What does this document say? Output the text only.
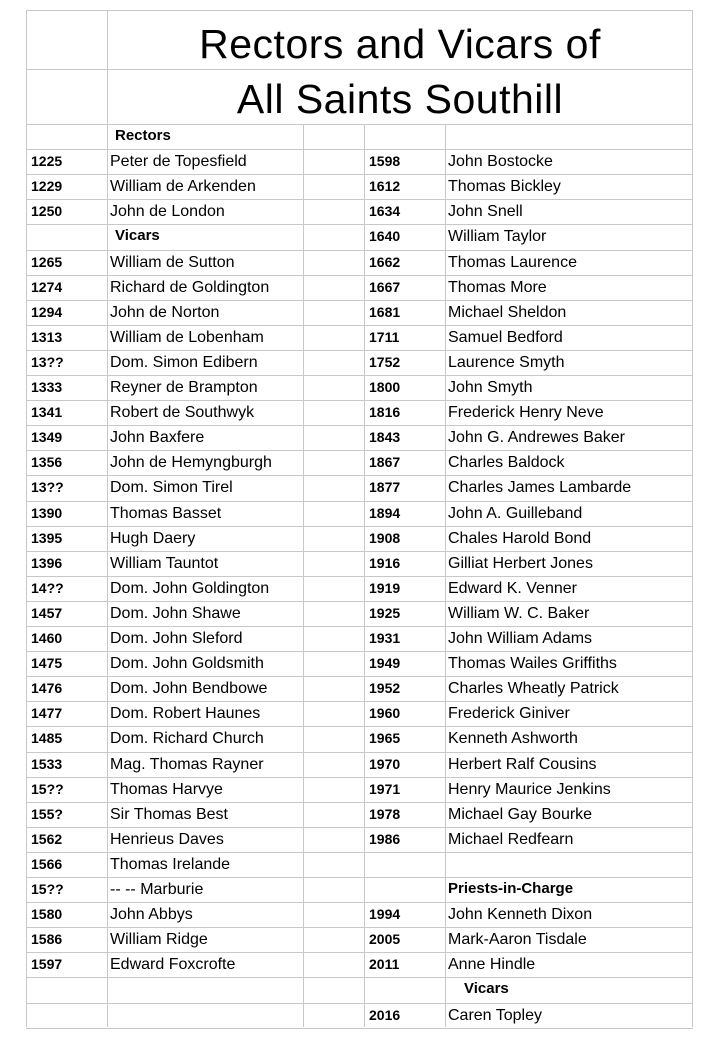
Rectors and Vicars of
All Saints Southill
Rectors
1225	Peter de Topesfield
1229	William de Arkenden
1250	John de London
Vicars
1265	William de Sutton
1274	Richard de Goldington
1294	John de Norton
1313	William de Lobenham
13??	Dom. Simon Edibern
1333	Reyner de Brampton
1341	Robert de Southwyk
1349	John Baxfere
1356	John de Hemyngburgh
13??	Dom. Simon Tirel
1390	Thomas Basset
1395	Hugh Daery
1396	William Tauntot
14??	Dom. John Goldington
1457	Dom. John Shawe
1460	Dom. John Sleford
1475	Dom. John Goldsmith
1476	Dom. John Bendbowe
1477	Dom. Robert Haunes
1485	Dom. Richard Church
1533	Mag. Thomas Rayner
15??	Thomas Harvye
155?	Sir Thomas Best
1562	Henrieus Daves
1566	Thomas Irelande
15??	-- -- Marburie
1580	John Abbys
1586	William Ridge
1597	Edward Foxcrofte
1598	John Bostocke
1612	Thomas Bickley
1634	John Snell
1640	William Taylor
1662	Thomas Laurence
1667	Thomas More
1681	Michael Sheldon
1711	Samuel Bedford
1752	Laurence Smyth
1800	John Smyth
1816	Frederick Henry Neve
1843	John G. Andrewes Baker
1867	Charles Baldock
1877	Charles James Lambarde
1894	John A. Guilleband
1908	Chales Harold Bond
1916	Gilliat Herbert Jones
1919	Edward K. Venner
1925	William W. C. Baker
1931	John William Adams
1949	Thomas Wailes Griffiths
1952	Charles Wheatly Patrick
1960	Frederick Giniver
1965	Kenneth Ashworth
1970	Herbert Ralf Cousins
1971	Henry Maurice Jenkins
1978	Michael Gay Bourke
1986	Michael Redfearn
Priests-in-Charge
1994	John Kenneth Dixon
2005	Mark-Aaron Tisdale
2011	Anne Hindle
Vicars
2016	Caren Topley
